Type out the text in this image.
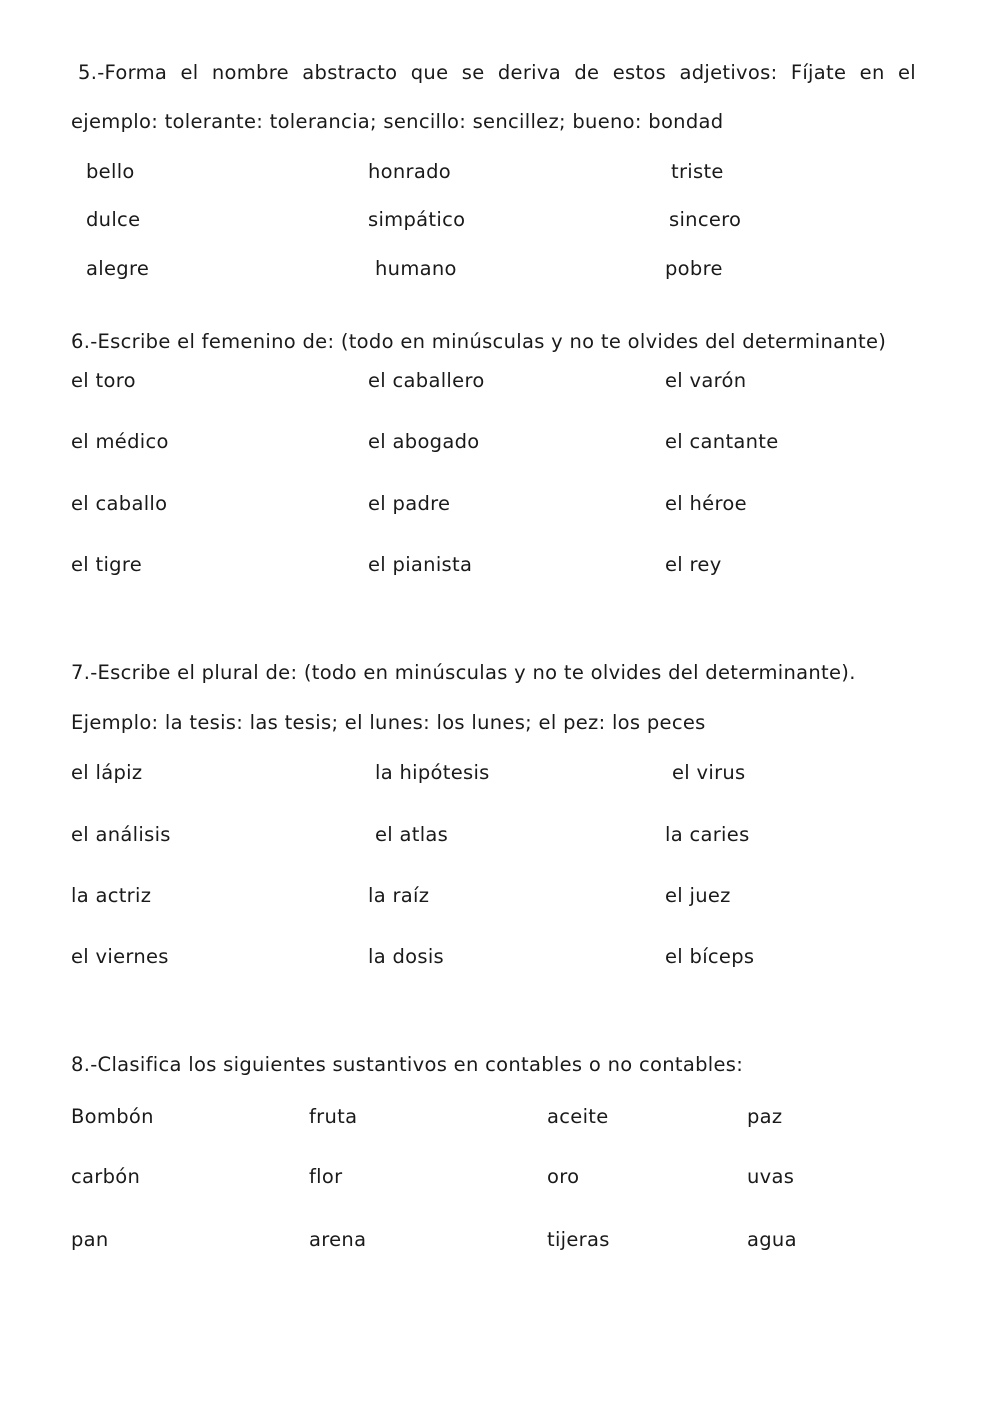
5.-Forma el nombre abstracto que se deriva de estos adjetivos: Fíjate en el
ejemplo: tolerante: tolerancia; sencillo: sencillez; bueno: bondad
bello	honrado	triste
dulce	simpático	sincero
alegre	humano	pobre
6.-Escribe el femenino de: (todo en minúsculas y no te olvides del determinante)
el toro	el caballero	el varón
el médico	el abogado	el cantante
el caballo	el padre	el héroe
el tigre	el pianista	el rey
7.-Escribe el plural de: (todo en minúsculas y no te olvides del determinante).
Ejemplo: la tesis: las tesis; el lunes: los lunes; el pez: los peces
el lápiz	la hipótesis	el virus
el análisis	el atlas	la caries
la actriz	la raíz	el juez
el viernes	la dosis	el bíceps
8.-Clasifica los siguientes sustantivos en contables o no contables:
Bombón	fruta	aceite	paz
carbón	flor	oro	uvas
pan	arena	tijeras	agua
